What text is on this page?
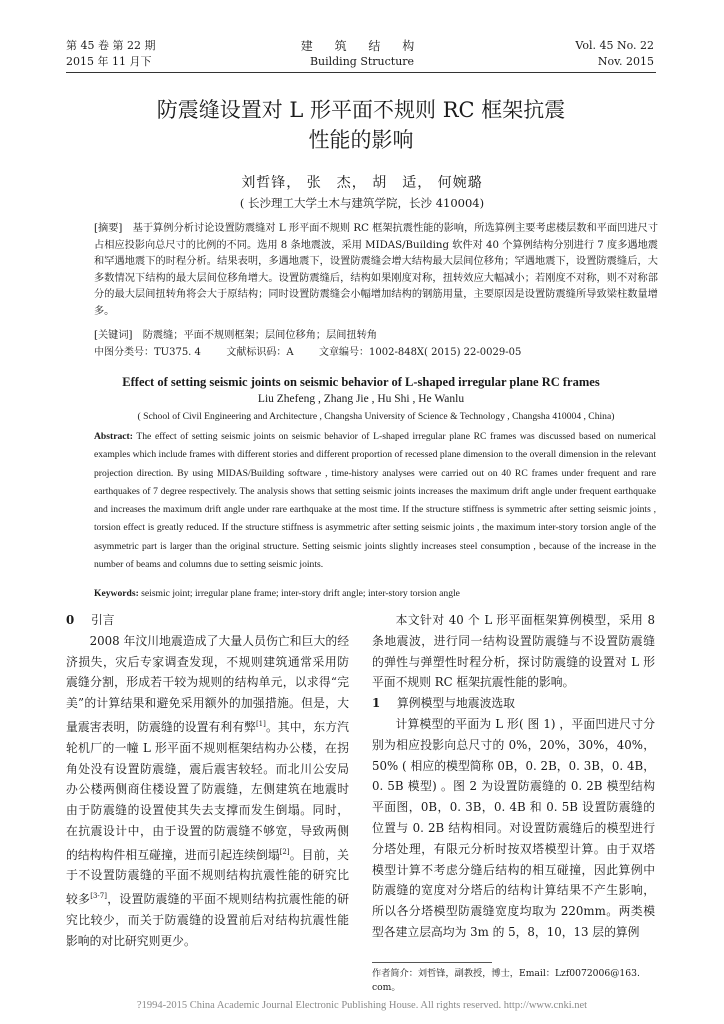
第 45 卷 第 22 期
2015 年 11 月下
建 筑 结 构
Building Structure
Vol. 45 No. 22
Nov. 2015
防震缝设置对 L 形平面不规则 RC 框架抗震
性能的影响
刘哲锋， 张　杰， 胡　适， 何婉璐
( 长沙理工大学土木与建筑学院，长沙 410004)
[摘要]　 基于算例分析讨论设置防震缝对 L 形平面不规则 RC 框架抗震性能的影响，所选算例主要考虑楼层数和平面凹进尺寸占相应投影向总尺寸的比例的不同。选用 8 条地震波，采用 MIDAS/Building 软件对 40 个算例结构分别进行 7 度多遇地震和罕遇地震下的时程分析。结果表明，多遇地震下，设置防震缝会增大结构最大层间位移角；罕遇地震下，设置防震缝后，大多数情况下结构的最大层间位移角增大。设置防震缝后，结构如果刚度对称，扭转效应大幅减小；若刚度不对称，则不对称部分的最大层间扭转角将会大于原结构；同时设置防震缝会小幅增加结构的钢筋用量，主要原因是设置防震缝所导致梁柱数量增多。
[关键词]　 防震缝；平面不规则框架；层间位移角；层间扭转角
中图分类号：TU375. 4	文献标识码：A	文章编号：1002-848X( 2015) 22-0029-05
Effect of setting seismic joints on seismic behavior of L-shaped irregular plane RC frames
Liu Zhefeng , Zhang Jie , Hu Shi , He Wanlu
( School of Civil Engineering and Architecture , Changsha University of Science & Technology , Changsha 410004 , China)
Abstract: The effect of setting seismic joints on seismic behavior of L-shaped irregular plane RC frames was discussed based on numerical examples which include frames with different stories and different proportion of recessed plane dimension to the overall dimension in the relevant projection direction. By using MIDAS/Building software , time-history analyses were carried out on 40 RC frames under frequent and rare earthquakes of 7 degree respectively. The analysis shows that setting seismic joints increases the maximum drift angle under frequent earthquake and increases the maximum drift angle under rare earthquake at the most time. If the structure stiffness is symmetric after setting seismic joints , torsion effect is greatly reduced. If the structure stiffness is asymmetric after setting seismic joints , the maximum inter-story torsion angle of the asymmetric part is larger than the original structure. Setting seismic joints slightly increases steel consumption , because of the increase in the number of beams and columns due to setting seismic joints.
Keywords: seismic joint; irregular plane frame; inter-story drift angle; inter-story torsion angle
0	引言

2008 年汶川地震造成了大量人员伤亡和巨大的经济损失，灾后专家调查发现，不规则建筑通常采用防震缝分割，形成若干较为规则的结构单元，以求得“完美”的计算结果和避免采用额外的加强措施。但是，大量震害表明，防震缝的设置有利有弊[1]。其中，东方汽轮机厂的一幢 L 形平面不规则框架结构办公楼，在拐角处没有设置防震缝，震后震害较轻。而北川公安局办公楼两侧商住楼设置了防震缝，左侧建筑在地震时由于防震缝的设置使其失去支撑而发生倒塌。同时，在抗震设计中，由于设置的防震缝不够宽，导致两侧的结构构件相互碰撞，进而引起连续倒塌[2]。目前，关于不设置防震缝的平面不规则结构抗震性能的研究比较多[3-7]，设置防震缝的平面不规则结构抗震性能的研究比较少，而关于防震缝的设置前后对结构抗震性能影响的对比研究则更少。

本文针对 40 个 L 形平面框架算例模型，采用 8 条地震波，进行同一结构设置防震缝与不设置防震缝的弹性与弹塑性时程分析，探讨防震缝的设置对 L 形平面不规则 RC 框架抗震性能的影响。

1	算例模型与地震波选取

计算模型的平面为 L 形( 图 1) ，平面凹进尺寸分别为相应投影向总尺寸的 0%，20%，30%，40%，50% ( 相应的模型简称 0B，0. 2B，0. 3B，0. 4B，0. 5B 模型) 。图 2 为设置防震缝的 0. 2B 模型结构平面图，0B，0. 3B，0. 4B 和 0. 5B 设置防震缝的位置与 0. 2B 结构相同。对设置防震缝后的模型进行分塔处理，有限元分析时按双塔模型计算。由于双塔模型计算不考虑分缝后结构的相互碰撞，因此算例中防震缝的宽度对分塔后的结构计算结果不产生影响，所以各分塔模型防震缝宽度均取为 220mm。两类模型各建立层高均为 3m 的 5，8，10，13 层的算例

作者简介：刘哲锋，副教授，博士，Email：Lzf0072006@163. com。
?1994-2015 China Academic Journal Electronic Publishing House. All rights reserved. http://www.cnki.net
